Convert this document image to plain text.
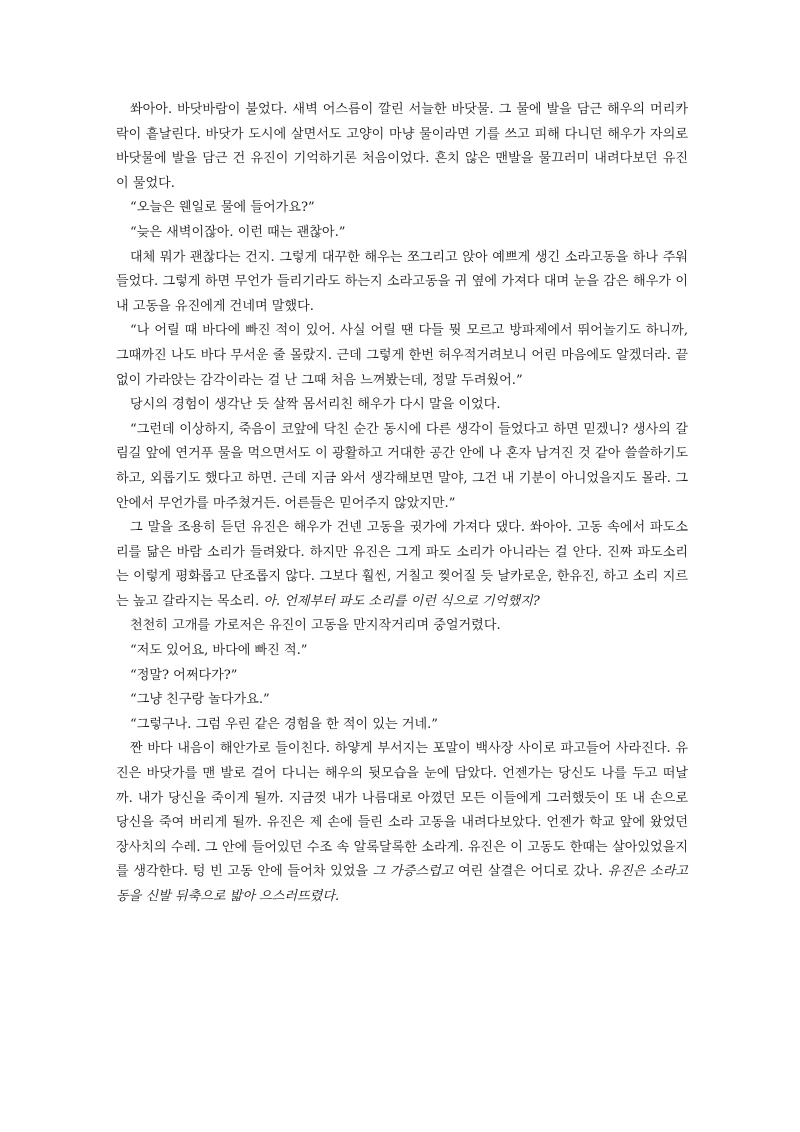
쏴아아. 바닷바람이 불었다. 새벽 어스름이 깔린 서늘한 바닷물. 그 물에 발을 담근 해우의 머리카락이 흩날린다. 바닷가 도시에 살면서도 고양이 마냥 물이라면 기를 쓰고 피해 다니던 해우가 자의로 바닷물에 발을 담근 건 유진이 기억하기론 처음이었다. 흔치 않은 맨발을 물끄러미 내려다보던 유진이 물었다.

“오늘은 웬일로 물에 들어가요?”

“늦은 새벽이잖아. 이런 때는 괜찮아.”

대체 뭐가 괜찮다는 건지. 그렇게 대꾸한 해우는 쪼그리고 앉아 예쁘게 생긴 소라고동을 하나 주워들었다. 그렇게 하면 무언가 들리기라도 하는지 소라고동을 귀 옆에 가져다 대며 눈을 감은 해우가 이내 고동을 유진에게 건네며 말했다.

“나 어릴 때 바다에 빠진 적이 있어. 사실 어릴 땐 다들 뭣 모르고 방파제에서 뛰어놀기도 하니까, 그때까진 나도 바다 무서운 줄 몰랐지. 근데 그렇게 한번 허우적거려보니 어린 마음에도 알겠더라. 끝없이 가라앉는 감각이라는 걸 난 그때 처음 느껴봤는데, 정말 두려웠어.”

당시의 경험이 생각난 듯 살짝 몸서리친 해우가 다시 말을 이었다.

“그런데 이상하지, 죽음이 코앞에 닥친 순간 동시에 다른 생각이 들었다고 하면 믿겠니? 생사의 갈림길 앞에 연거푸 물을 먹으면서도 이 광활하고 거대한 공간 안에 나 혼자 남겨진 것 같아 쓸쓸하기도 하고, 외롭기도 했다고 하면. 근데 지금 와서 생각해보면 말야, 그건 내 기분이 아니었을지도 몰라. 그 안에서 무언가를 마주쳤거든. 어른들은 믿어주지 않았지만.”

그 말을 조용히 듣던 유진은 해우가 건넨 고동을 귓가에 가져다 댔다. 쏴아아. 고동 속에서 파도소리를 닮은 바람 소리가 들려왔다. 하지만 유진은 그게 파도 소리가 아니라는 걸 안다. 진짜 파도소리는 이렇게 평화롭고 단조롭지 않다. 그보다 훨씬, 거칠고 찢어질 듯 날카로운, 한유진, 하고 소리 지르는 높고 갈라지는 목소리. 아. 언제부터 파도 소리를 이런 식으로 기억했지?

천천히 고개를 가로저은 유진이 고동을 만지작거리며 중얼거렸다.

“저도 있어요, 바다에 빠진 적.”

“정말? 어쩌다가?”

“그냥 친구랑 놀다가요.”

“그렇구나. 그럼 우린 같은 경험을 한 적이 있는 거네.”

짠 바다 내음이 해안가로 들이친다. 하얗게 부서지는 포말이 백사장 사이로 파고들어 사라진다. 유진은 바닷가를 맨 발로 걸어 다니는 해우의 뒷모습을 눈에 담았다. 언젠가는 당신도 나를 두고 떠날까. 내가 당신을 죽이게 될까. 지금껏 내가 나름대로 아꼈던 모든 이들에게 그러했듯이 또 내 손으로 당신을 죽여 버리게 될까. 유진은 제 손에 들린 소라 고동을 내려다보았다. 언젠가 학교 앞에 왔었던 장사치의 수레. 그 안에 들어있던 수조 속 알록달록한 소라게. 유진은 이 고동도 한때는 살아있었을지를 생각한다. 텅 빈 고동 안에 들어차 있었을 그 가증스럽고 여린 살결은 어디로 갔나. 유진은 소라고동을 신발 뒤축으로 밟아 으스러뜨렸다.
